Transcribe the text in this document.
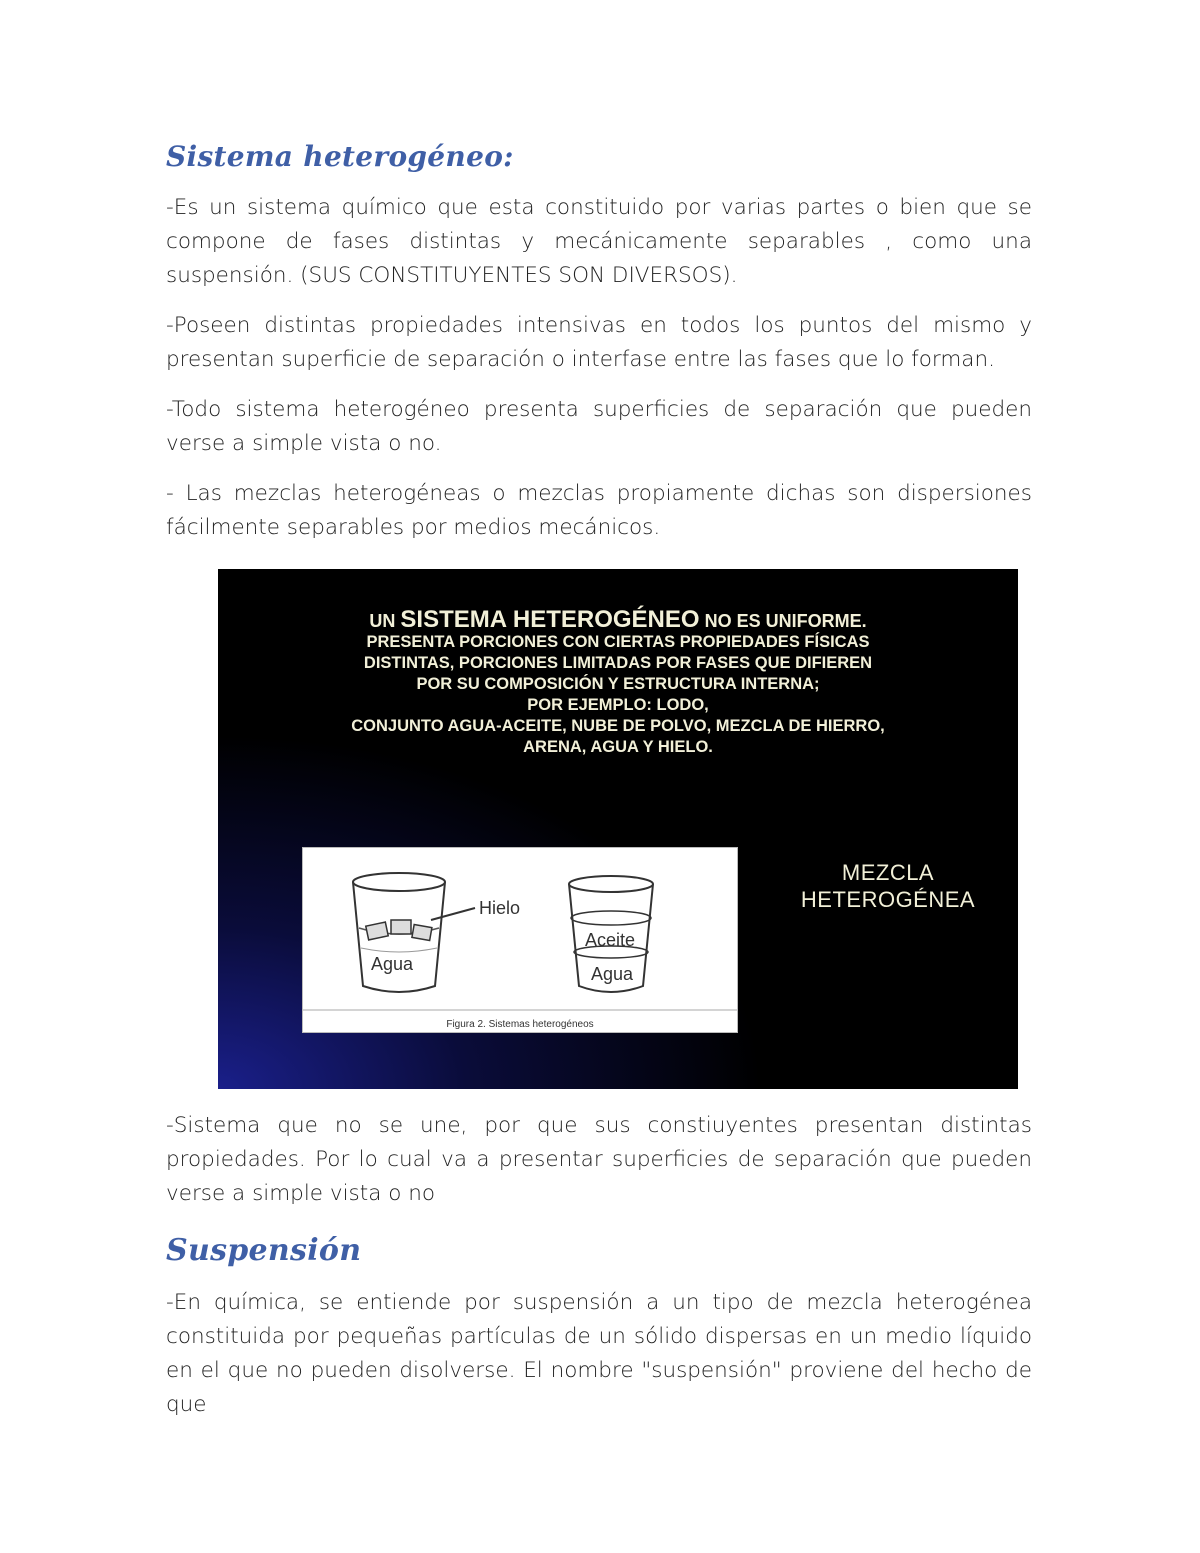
Sistema heterogéneo:

-Es un sistema químico que esta constituido por varias partes o bien que se compone de fases distintas y mecánicamente separables , como una suspensión. (SUS CONSTITUYENTES SON DIVERSOS).

-Poseen distintas propiedades intensivas en todos los puntos del mismo y presentan superficie de separación o interfase entre las fases que lo forman.

-Todo sistema heterogéneo presenta superficies de separación que pueden verse a simple vista o no.

- Las mezclas heterogéneas o mezclas propiamente dichas son dispersiones fácilmente separables por medios mecánicos.

UN SISTEMA HETEROGÉNEO NO ES UNIFORME.
PRESENTA PORCIONES CON CIERTAS PROPIEDADES FÍSICAS
DISTINTAS, PORCIONES LIMITADAS POR FASES QUE DIFIEREN
POR SU COMPOSICIÓN Y ESTRUCTURA INTERNA;
POR EJEMPLO: LODO,
CONJUNTO AGUA-ACEITE, NUBE DE POLVO, MEZCLA DE HIERRO,
ARENA, AGUA Y HIELO.
Hielo
Agua
Aceite
Agua
Figura 2. Sistemas heterogéneos
MEZCLA
HETEROGÉNEA

-Sistema que no se une, por que sus constiuyentes presentan distintas propiedades. Por lo cual va a presentar superficies de separación que pueden verse a simple vista o no

Suspensión

-En química, se entiende por suspensión a un tipo de mezcla heterogénea constituida por pequeñas partículas de un sólido dispersas en un medio líquido en el que no pueden disolverse. El nombre "suspensión" proviene del hecho de que
